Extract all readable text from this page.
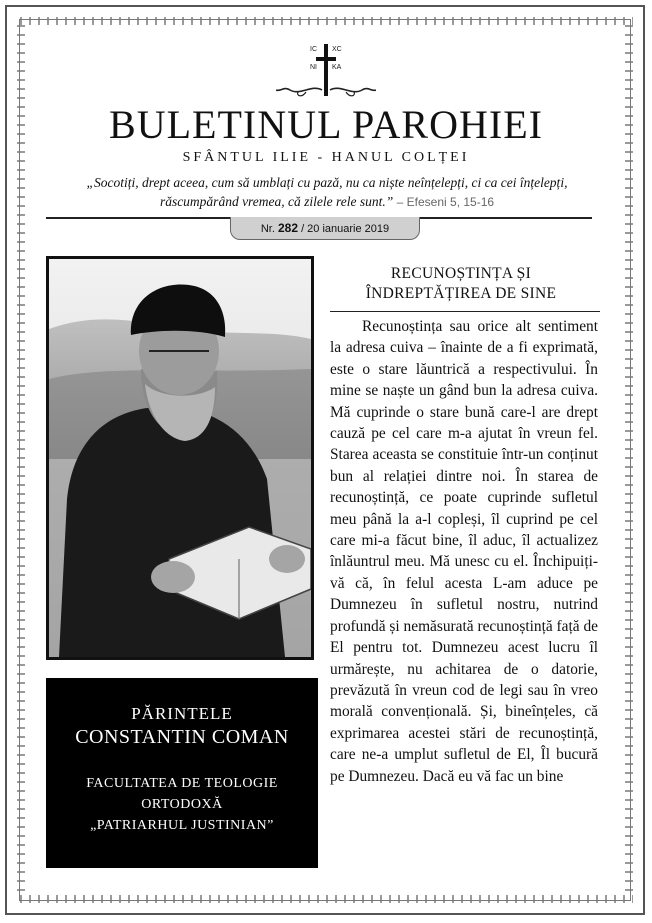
IC XC
NI KA
BULETINUL PAROHIEI
SFÂNTUL ILIE - HANUL COLȚEI
„Socotiți, drept aceea, cum să umblați cu pază, nu ca niște neînțelepți, ci ca cei înțelepți, răscumpărând vremea, că zilele rele sunt.” – Efeseni 5, 15-16
Nr. 282 / 20 ianuarie 2019
PĂRINTELE
CONSTANTIN COMAN
FACULTATEA DE TEOLOGIE
ORTODOXĂ
„PATRIARHUL JUSTINIAN”
RECUNOȘTINȚA ȘI
ÎNDREPTĂȚIREA DE SINE
Recunoștința sau orice alt sentiment la adresa cuiva – înainte de a fi exprimată, este o stare lăuntrică a respectivului. În mine se naște un gând bun la adresa cuiva. Mă cuprinde o stare bună care-l are drept cauză pe cel care m-a ajutat în vreun fel. Starea aceasta se constituie într-un conținut bun al relației dintre noi. În starea de recunoștință, ce poate cuprinde sufletul meu până la a-l copleși, îl cuprind pe cel care mi-a făcut bine, îl aduc, îl actualizez înlăuntrul meu. Mă unesc cu el. Închipuiți-vă că, în felul acesta L-am aduce pe Dumnezeu în sufletul nostru, nutrind profundă și nemăsurată recunoștință față de El pentru tot. Dumnezeu acest lucru îl urmărește, nu achitarea de o datorie, prevăzută în vreun cod de legi sau în vreo morală convențională. Și, bineînțeles, că exprimarea acestei stări de recunoștință, care ne-a umplut sufletul de El, Îl bucură pe Dumnezeu. Dacă eu vă fac un bine
